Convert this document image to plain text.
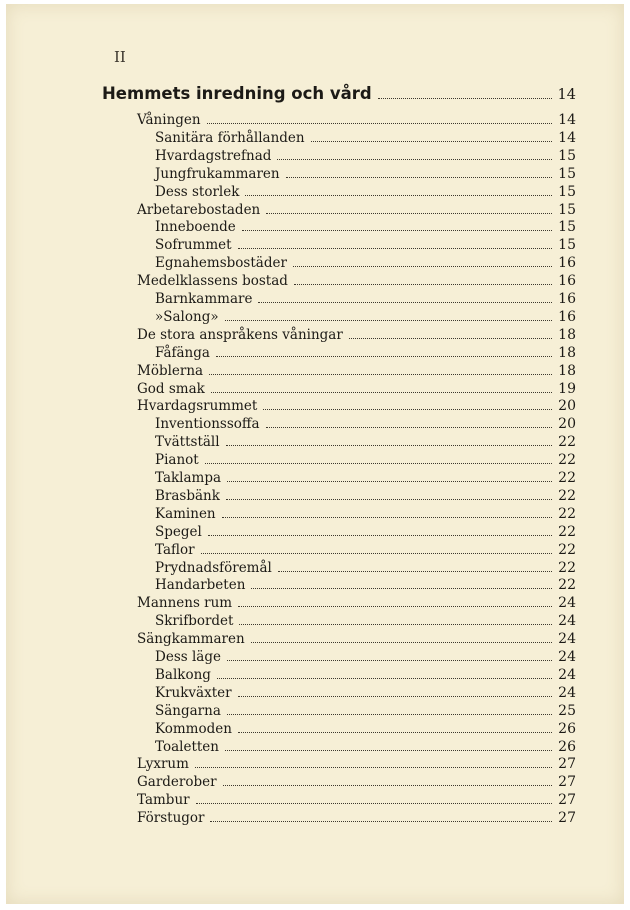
II
Hemmets inredning och vård	14
Våningen	14
Sanitära förhållanden	14
Hvardagstrefnad	15
Jungfrukammaren	15
Dess storlek	15
Arbetarebostaden	15
Inneboende	15
Sofrummet	15
Egnahemsbostäder	16
Medelklassens bostad	16
Barnkammare	16
»Salong»	16
De stora anspråkens våningar	18
Fåfänga	18
Möblerna	18
God smak	19
Hvardagsrummet	20
Inventionssoffa	20
Tvättställ	22
Pianot	22
Taklampa	22
Brasbänk	22
Kaminen	22
Spegel	22
Taflor	22
Prydnadsföremål	22
Handarbeten	22
Mannens rum	24
Skrifbordet	24
Sängkammaren	24
Dess läge	24
Balkong	24
Krukväxter	24
Sängarna	25
Kommoden	26
Toaletten	26
Lyxrum	27
Garderober	27
Tambur	27
Förstugor	27
